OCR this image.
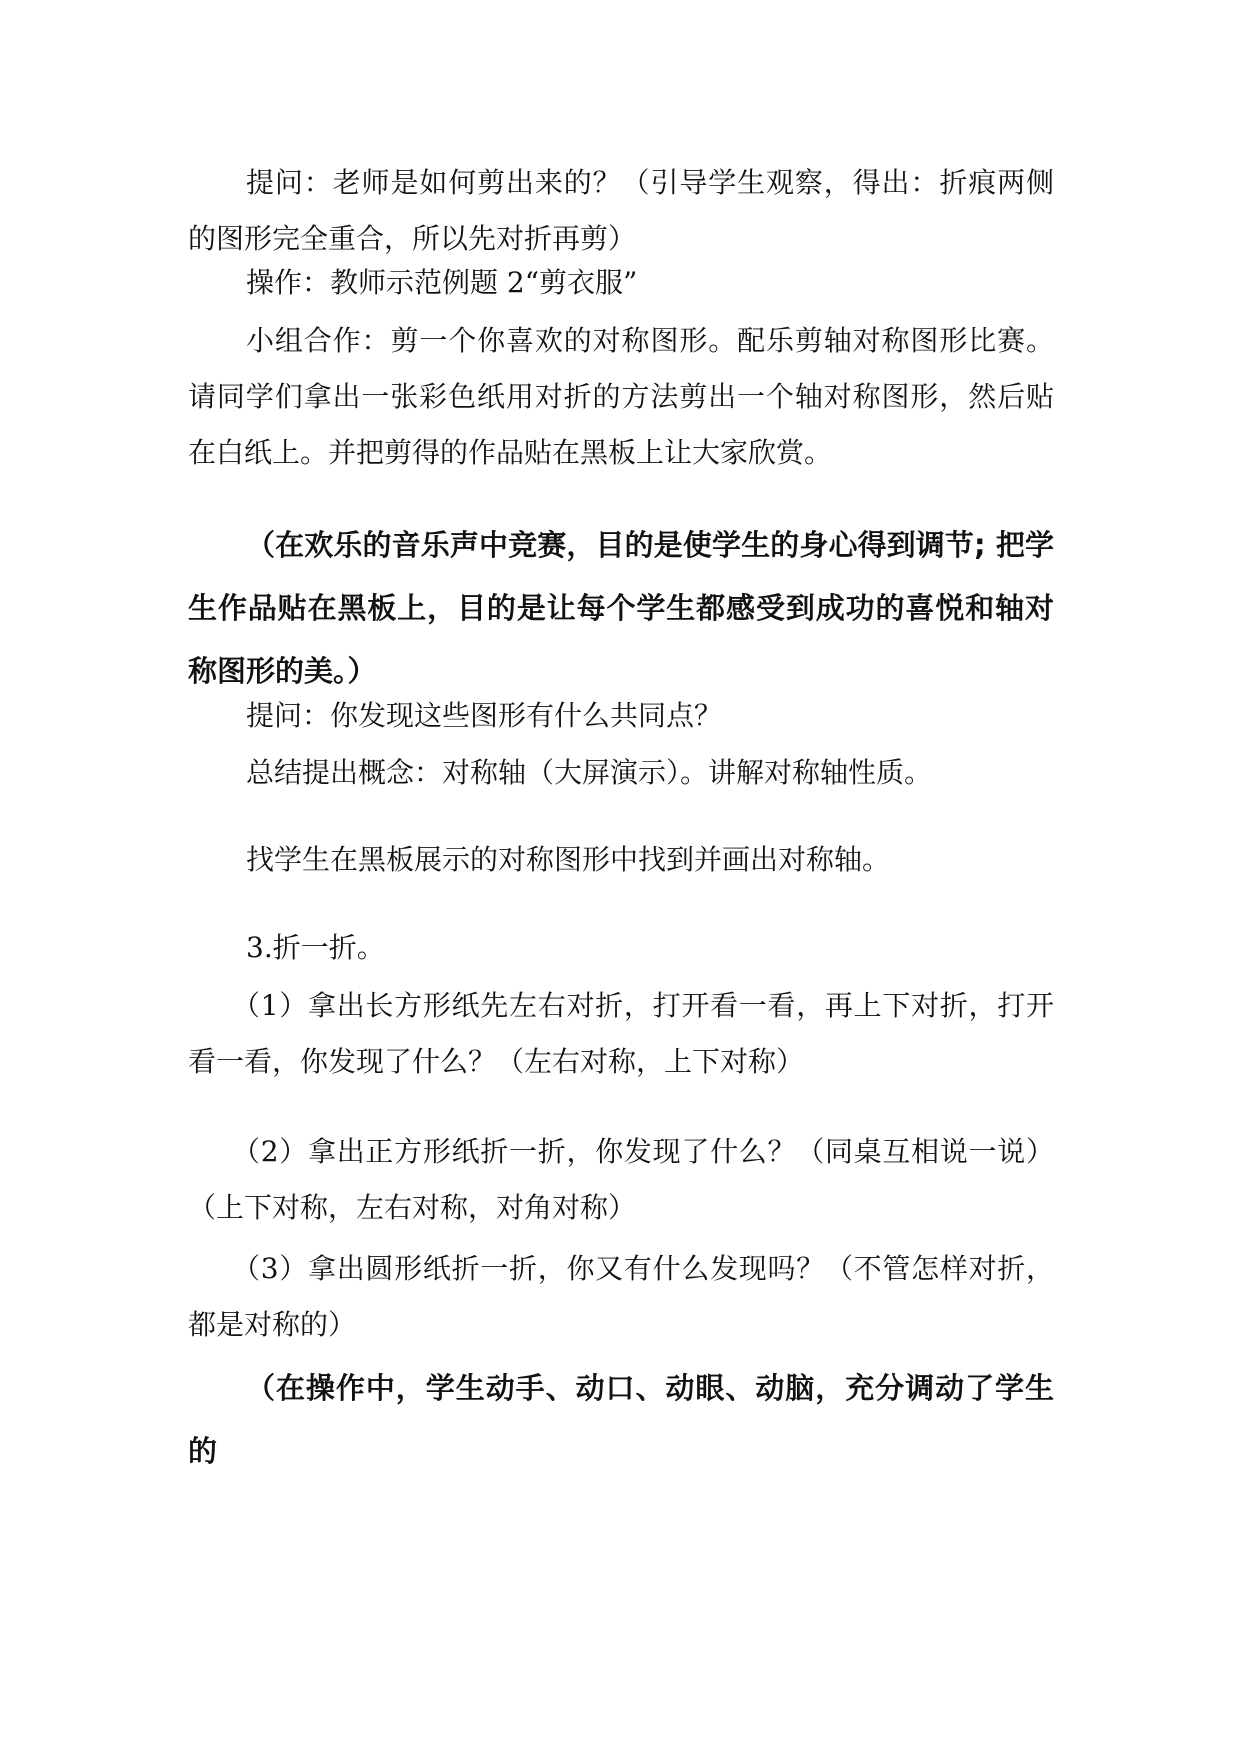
提问：老师是如何剪出来的？（引导学生观察，得出：折痕两侧的图形完全重合，所以先对折再剪）

操作：教师示范例题 2“剪衣服”

小组合作：剪一个你喜欢的对称图形。配乐剪轴对称图形比赛。请同学们拿出一张彩色纸用对折的方法剪出一个轴对称图形，然后贴在白纸上。并把剪得的作品贴在黑板上让大家欣赏。

（在欢乐的音乐声中竞赛，目的是使学生的身心得到调节; 把学生作品贴在黑板上，目的是让每个学生都感受到成功的喜悦和轴对称图形的美。）

提问：你发现这些图形有什么共同点？

总结提出概念：对称轴（大屏演示）。讲解对称轴性质。

找学生在黑板展示的对称图形中找到并画出对称轴。

3.折一折。

（1）拿出长方形纸先左右对折，打开看一看，再上下对折，打开看一看，你发现了什么？（左右对称，上下对称）

（2）拿出正方形纸折一折，你发现了什么？（同桌互相说一说）（上下对称，左右对称，对角对称）

（3）拿出圆形纸折一折，你又有什么发现吗？（不管怎样对折，都是对称的）

（在操作中，学生动手、动口、动眼、动脑，充分调动了学生的
